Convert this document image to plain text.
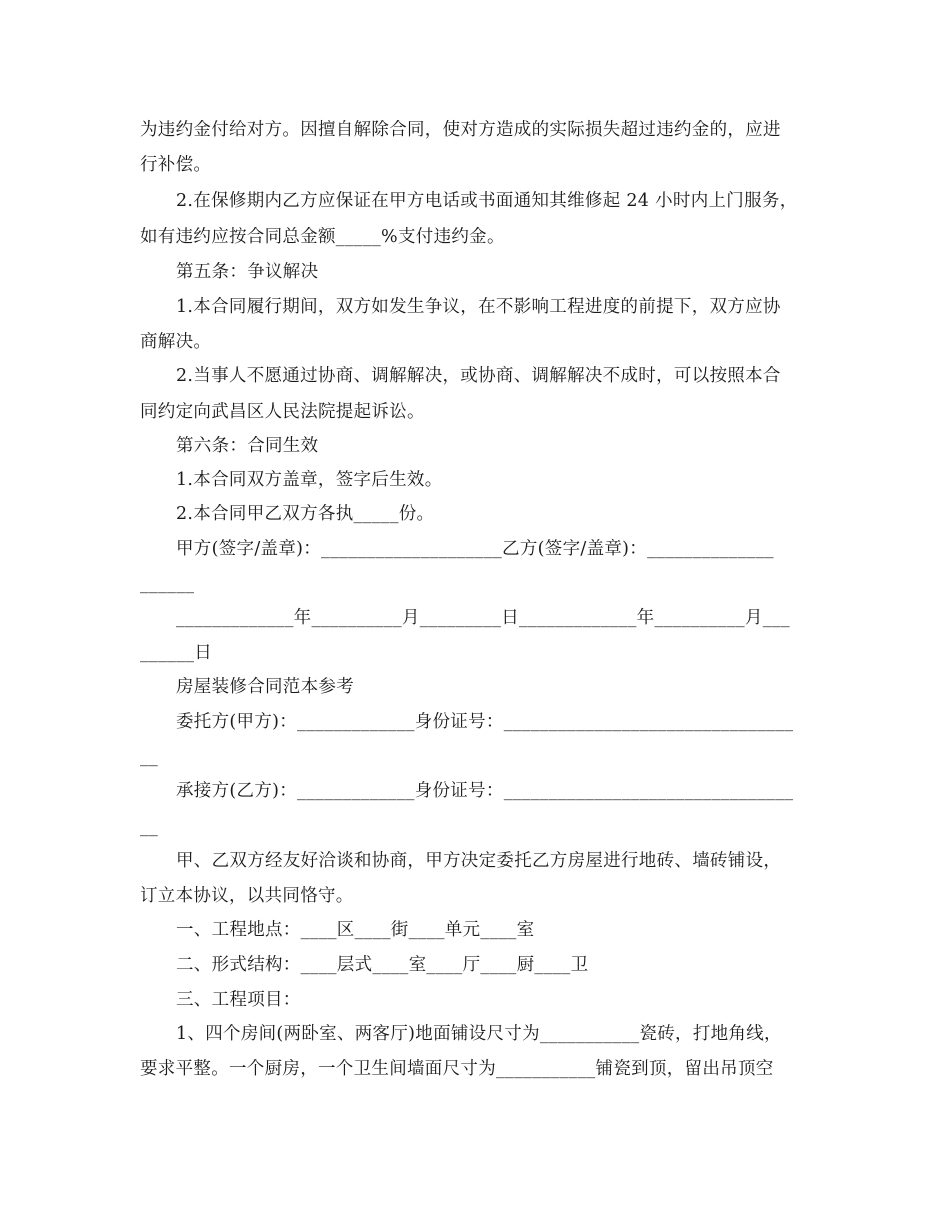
为违约金付给对方。因擅自解除合同，使对方造成的实际损失超过违约金的，应进
行补偿。
2.在保修期内乙方应保证在甲方电话或书面通知其维修起 24 小时内上门服务，
如有违约应按合同总金额_____%支付违约金。
第五条：争议解决
1.本合同履行期间，双方如发生争议，在不影响工程进度的前提下，双方应协
商解决。
2.当事人不愿通过协商、调解解决，或协商、调解解决不成时，可以按照本合
同约定向武昌区人民法院提起诉讼。
第六条：合同生效
1.本合同双方盖章，签字后生效。
2.本合同甲乙双方各执_____份。
甲方(签字/盖章)：____________________乙方(签字/盖章)：______________
______
_____________年__________月_________日_____________年__________月___
______日
房屋装修合同范本参考
委托方(甲方)：_____________身份证号：________________________________
__
承接方(乙方)：_____________身份证号：________________________________
__
甲、乙双方经友好洽谈和协商，甲方决定委托乙方房屋进行地砖、墙砖铺设，
订立本协议，以共同恪守。
一、工程地点：____区____街____单元____室
二、形式结构：____层式____室____厅____厨____卫
三、工程项目：
1、四个房间(两卧室、两客厅)地面铺设尺寸为___________瓷砖，打地角线，
要求平整。一个厨房，一个卫生间墙面尺寸为___________铺瓷到顶，留出吊顶空
